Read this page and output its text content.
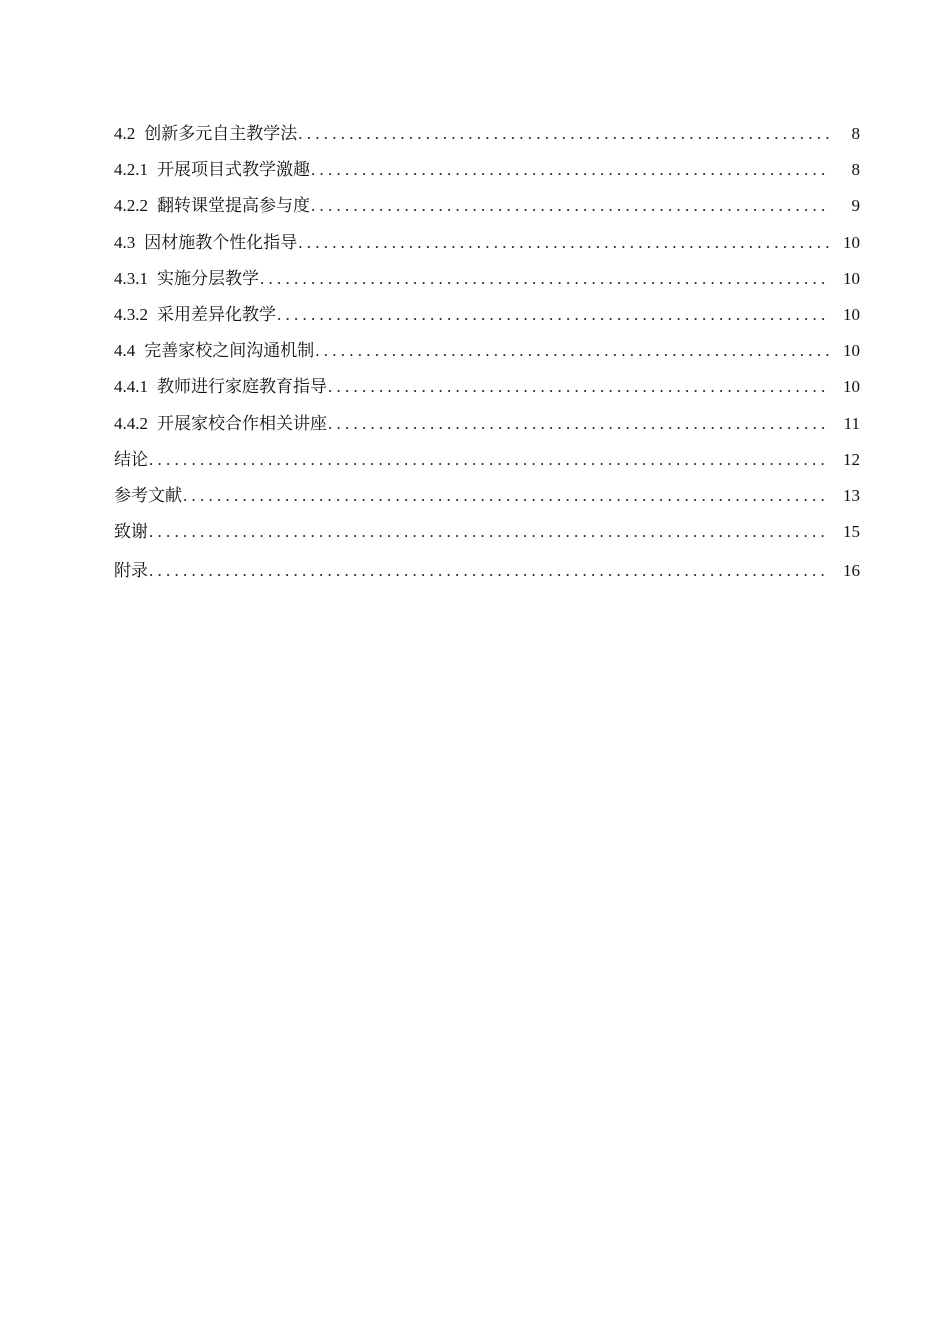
4.2 创新多元自主教学法 . . .	8
4.2.1 开展项目式教学激趣 . . .	8
4.2.2 翻转课堂提高参与度 . . .	9
4.3 因材施教个性化指导 . . .	10
4.3.1 实施分层教学 . . .	10
4.3.2 采用差异化教学 . . .	10
4.4 完善家校之间沟通机制 . . .	10
4.4.1 教师进行家庭教育指导 . . .	10
4.4.2 开展家校合作相关讲座 . . .	11
结论 . . .	12
参考文献 . . .	13
致谢 . . .	15
附录 . . .	16
